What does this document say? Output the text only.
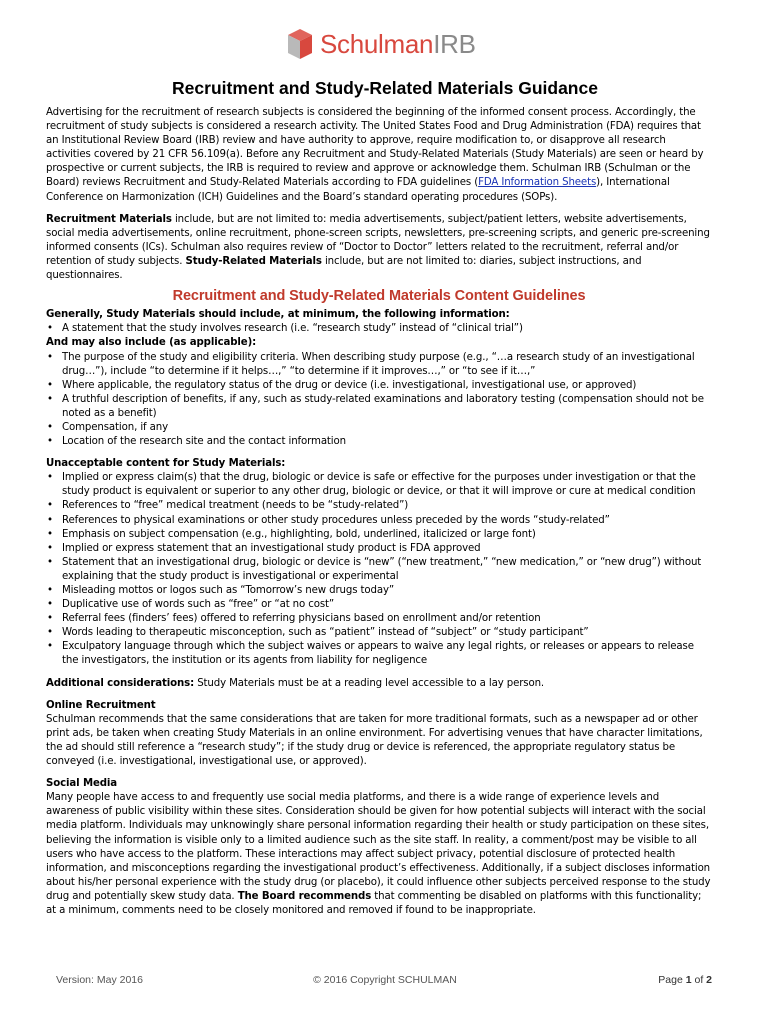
SchulmanIRB
Recruitment and Study-Related Materials Guidance

Advertising for the recruitment of research subjects is considered the beginning of the informed consent process. Accordingly, the recruitment of study subjects is considered a research activity. The United States Food and Drug Administration (FDA) requires that an Institutional Review Board (IRB) review and have authority to approve, require modification to, or disapprove all research activities covered by 21 CFR 56.109(a). Before any Recruitment and Study-Related Materials (Study Materials) are seen or heard by prospective or current subjects, the IRB is required to review and approve or acknowledge them. Schulman IRB (Schulman or the Board) reviews Recruitment and Study-Related Materials according to FDA guidelines (FDA Information Sheets), International Conference on Harmonization (ICH) Guidelines and the Board’s standard operating procedures (SOPs).

Recruitment Materials include, but are not limited to: media advertisements, subject/patient letters, website advertisements, social media advertisements, online recruitment, phone-screen scripts, newsletters, pre-screening scripts, and generic pre-screening informed consents (ICs). Schulman also requires review of “Doctor to Doctor” letters related to the recruitment, referral and/or retention of study subjects. Study-Related Materials include, but are not limited to: diaries, subject instructions, and questionnaires.

Recruitment and Study-Related Materials Content Guidelines

Generally, Study Materials should include, at minimum, the following information:

• A statement that the study involves research (i.e. “research study” instead of “clinical trial”)

And may also include (as applicable):

• The purpose of the study and eligibility criteria. When describing study purpose (e.g., “…a research study of an investigational drug…”), include “to determine if it helps…,” “to determine if it improves…,” or “to see if it…,”
• Where applicable, the regulatory status of the drug or device (i.e. investigational, investigational use, or approved)
• A truthful description of benefits, if any, such as study-related examinations and laboratory testing (compensation should not be noted as a benefit)
• Compensation, if any
• Location of the research site and the contact information

Unacceptable content for Study Materials:

• Implied or express claim(s) that the drug, biologic or device is safe or effective for the purposes under investigation or that the study product is equivalent or superior to any other drug, biologic or device, or that it will improve or cure at medical condition
• References to “free” medical treatment (needs to be “study-related”)
• References to physical examinations or other study procedures unless preceded by the words “study-related”
• Emphasis on subject compensation (e.g., highlighting, bold, underlined, italicized or large font)
• Implied or express statement that an investigational study product is FDA approved
• Statement that an investigational drug, biologic or device is “new” (“new treatment,” “new medication,” or “new drug”) without explaining that the study product is investigational or experimental
• Misleading mottos or logos such as “Tomorrow’s new drugs today”
• Duplicative use of words such as “free” or “at no cost”
• Referral fees (finders’ fees) offered to referring physicians based on enrollment and/or retention
• Words leading to therapeutic misconception, such as “patient” instead of “subject” or “study participant”
• Exculpatory language through which the subject waives or appears to waive any legal rights, or releases or appears to release the investigators, the institution or its agents from liability for negligence

Additional considerations: Study Materials must be at a reading level accessible to a lay person.

Online Recruitment

Schulman recommends that the same considerations that are taken for more traditional formats, such as a newspaper ad or other print ads, be taken when creating Study Materials in an online environment. For advertising venues that have character limitations, the ad should still reference a “research study”; if the study drug or device is referenced, the appropriate regulatory status be conveyed (i.e. investigational, investigational use, or approved).

Social Media

Many people have access to and frequently use social media platforms, and there is a wide range of experience levels and awareness of public visibility within these sites. Consideration should be given for how potential subjects will interact with the social media platform. Individuals may unknowingly share personal information regarding their health or study participation on these sites, believing the information is visible only to a limited audience such as the site staff. In reality, a comment/post may be visible to all users who have access to the platform. These interactions may affect subject privacy, potential disclosure of protected health information, and misconceptions regarding the investigational product’s effectiveness. Additionally, if a subject discloses information about his/her personal experience with the study drug (or placebo), it could influence other subjects perceived response to the study drug and potentially skew study data. The Board recommends that commenting be disabled on platforms with this functionality; at a minimum, comments need to be closely monitored and removed if found to be inappropriate.

Version: May 2016	© 2016 Copyright SCHULMAN	Page 1 of 2
